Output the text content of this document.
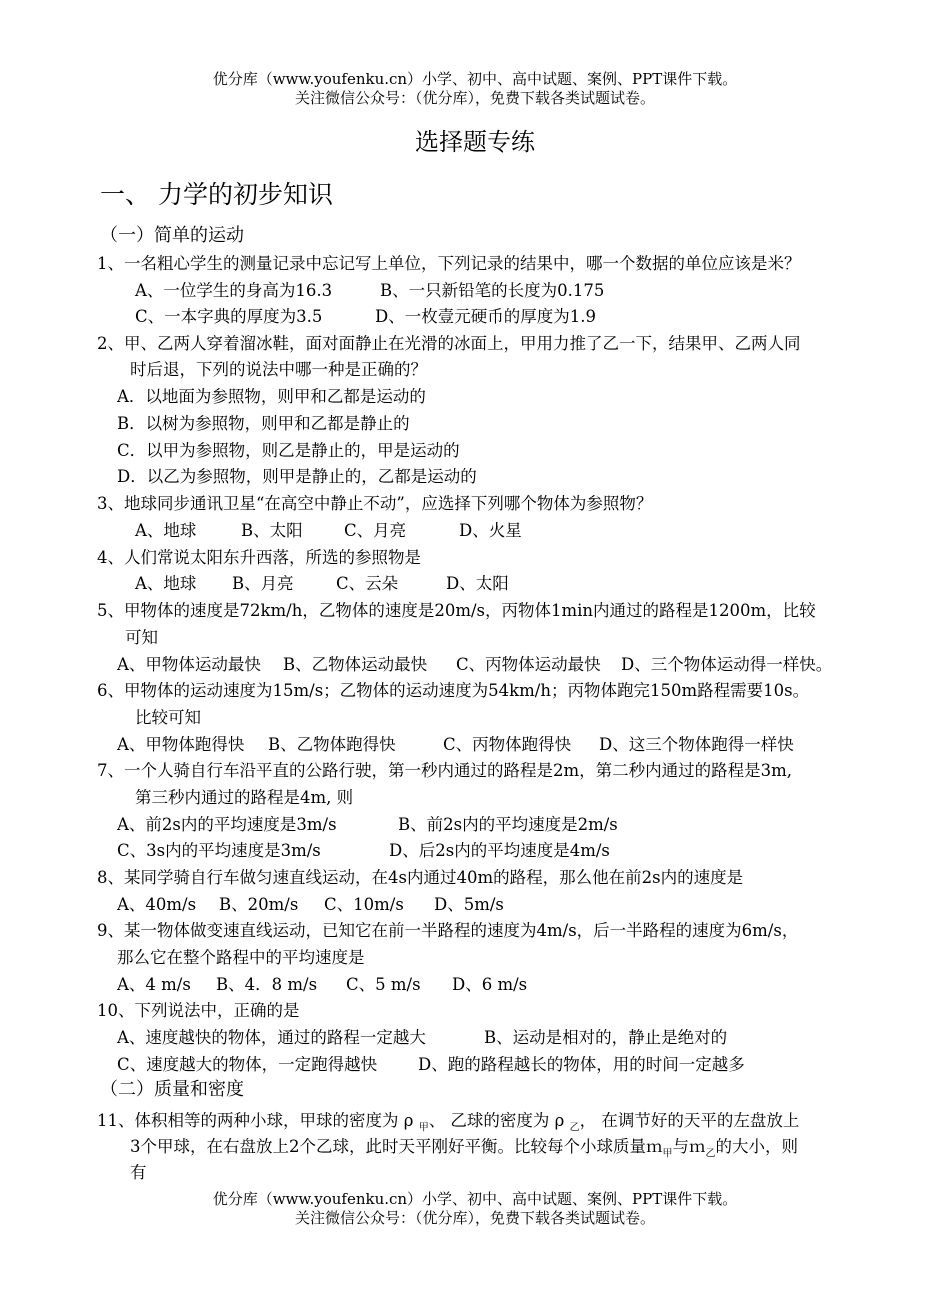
优分库（www.youfenku.cn）小学、初中、高中试题、案例、PPT课件下载。
关注微信公众号：（优分库），免费下载各类试题试卷。
选择题专练
一、 力学的初步知识
（一）简单的运动
1、一名粗心学生的测量记录中忘记写上单位，下列记录的结果中，哪一个数据的单位应该是米？
A、一位学生的身高为16.3	B、一只新铅笔的长度为0.175
C、一本字典的厚度为3.5	D、一枚壹元硬币的厚度为1.9
2、甲、乙两人穿着溜冰鞋，面对面静止在光滑的冰面上，甲用力推了乙一下，结果甲、乙两人同
时后退，下列的说法中哪一种是正确的？
A．以地面为参照物，则甲和乙都是运动的
B．以树为参照物，则甲和乙都是静止的
C．以甲为参照物，则乙是静止的，甲是运动的
D．以乙为参照物，则甲是静止的，乙都是运动的
3、地球同步通讯卫星“在高空中静止不动”，应选择下列哪个物体为参照物？
A、地球	B、太阳	C、月亮	D、火星
4、人们常说太阳东升西落，所选的参照物是
A、地球 B、月亮	C、云朵	D、太阳
5、甲物体的速度是72km/h，乙物体的速度是20m/s，丙物体1min内通过的路程是1200m，比较
可知
A、甲物体运动最快 B、乙物体运动最快 C、丙物体运动最快 D、三个物体运动得一样快。
6、甲物体的运动速度为15m/s；乙物体的运动速度为54km/h；丙物体跑完150m路程需要10s。
比较可知
A、甲物体跑得快 B、乙物体跑得快	C、丙物体跑得快 D、这三个物体跑得一样快
7、一个人骑自行车沿平直的公路行驶，第一秒内通过的路程是2m，第二秒内通过的路程是3m,
第三秒内通过的路程是4m, 则
A、前2s内的平均速度是3m/s	B、前2s内的平均速度是2m/s
C、3s内的平均速度是3m/s	D、后2s内的平均速度是4m/s
8、某同学骑自行车做匀速直线运动，在4s内通过40m的路程，那么他在前2s内的速度是
A、40m/s B、20m/s C、10m/s D、5m/s
9、某一物体做变速直线运动，已知它在前一半路程的速度为4m/s，后一半路程的速度为6m/s，
那么它在整个路程中的平均速度是
A、4 m/s B、4．8 m/s C、5 m/s D、6 m/s
10、下列说法中，正确的是
A、速度越快的物体，通过的路程一定越大	B、运动是相对的，静止是绝对的
C、速度越大的物体，一定跑得越快 D、跑的路程越长的物体，用的时间一定越多
（二）质量和密度
11、体积相等的两种小球，甲球的密度为 ρ $_甲$、 乙球的密度为 ρ $_乙$， 在调节好的天平的左盘放上
3个甲球，在右盘放上2个乙球，此时天平刚好平衡。比较每个小球质量ｍ$_甲$与ｍ$_乙$的大小，则
有
优分库（www.youfenku.cn）小学、初中、高中试题、案例、PPT课件下载。
关注微信公众号：（优分库），免费下载各类试题试卷。
